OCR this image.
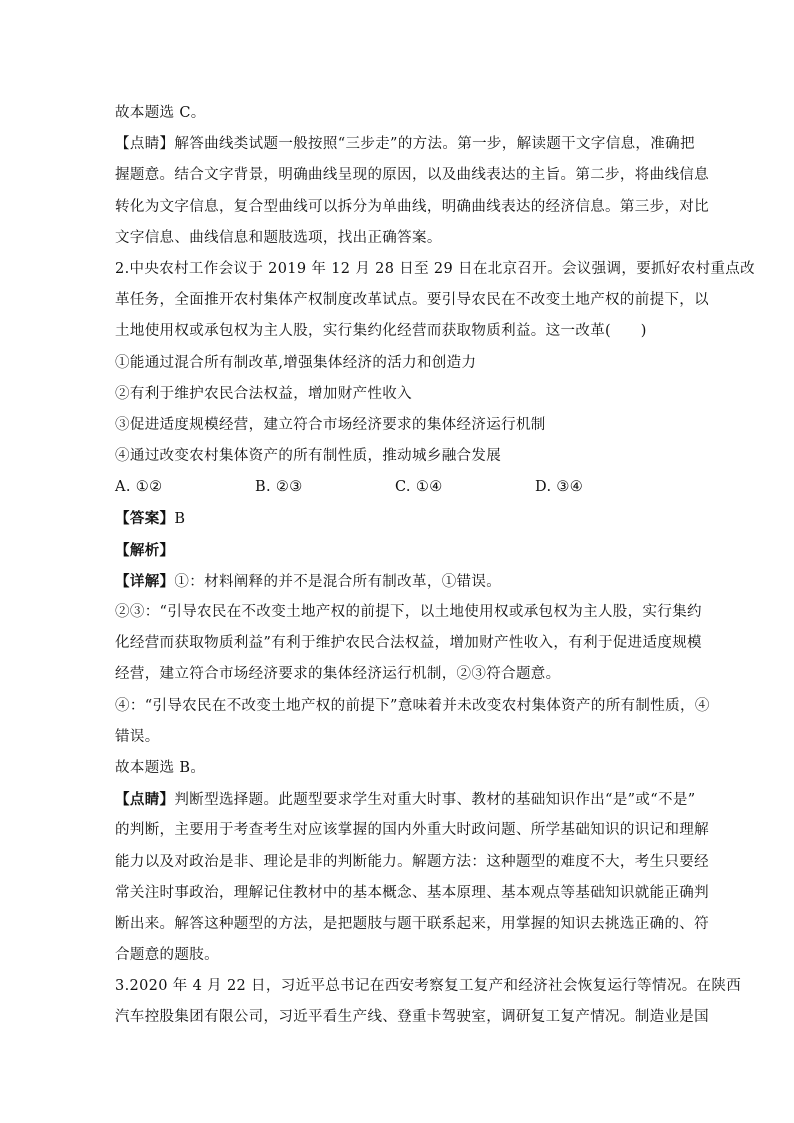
故本题选 C。
【点睛】解答曲线类试题一般按照“三步走”的方法。第一步，解读题干文字信息，准确把
握题意。结合文字背景，明确曲线呈现的原因，以及曲线表达的主旨。第二步，将曲线信息
转化为文字信息，复合型曲线可以拆分为单曲线，明确曲线表达的经济信息。第三步，对比
文字信息、曲线信息和题肢选项，找出正确答案。
2.中央农村工作会议于 2019 年 12 月 28 日至 29 日在北京召开。会议强调，要抓好农村重点改
革任务，全面推开农村集体产权制度改革试点。要引导农民在不改变土地产权的前提下，以
土地使用权或承包权为主人股，实行集约化经营而获取物质利益。这一改革(　　)
①能通过混合所有制改革,增强集体经济的活力和创造力
②有利于维护农民合法权益，增加财产性收入
③促进适度规模经营，建立符合市场经济要求的集体经济运行机制
④通过改变农村集体资产的所有制性质，推动城乡融合发展
A. ①②	B. ②③	C. ①④	D. ③④
【答案】B
【解析】
【详解】①：材料阐释的并不是混合所有制改革，①错误。
②③：“引导农民在不改变土地产权的前提下，以土地使用权或承包权为主人股，实行集约
化经营而获取物质利益”有利于维护农民合法权益，增加财产性收入，有利于促进适度规模
经营，建立符合市场经济要求的集体经济运行机制，②③符合题意。
④：“引导农民在不改变土地产权的前提下”意味着并未改变农村集体资产的所有制性质，④
错误。
故本题选 B。
【点睛】判断型选择题。此题型要求学生对重大时事、教材的基础知识作出“是”或“不是”
的判断，主要用于考查考生对应该掌握的国内外重大时政问题、所学基础知识的识记和理解
能力以及对政治是非、理论是非的判断能力。解题方法：这种题型的难度不大，考生只要经
常关注时事政治，理解记住教材中的基本概念、基本原理、基本观点等基础知识就能正确判
断出来。解答这种题型的方法，是把题肢与题干联系起来，用掌握的知识去挑选正确的、符
合题意的题肢。
3.2020 年 4 月 22 日，习近平总书记在西安考察复工复产和经济社会恢复运行等情况。在陕西
汽车控股集团有限公司，习近平看生产线、登重卡驾驶室，调研复工复产情况。制造业是国
